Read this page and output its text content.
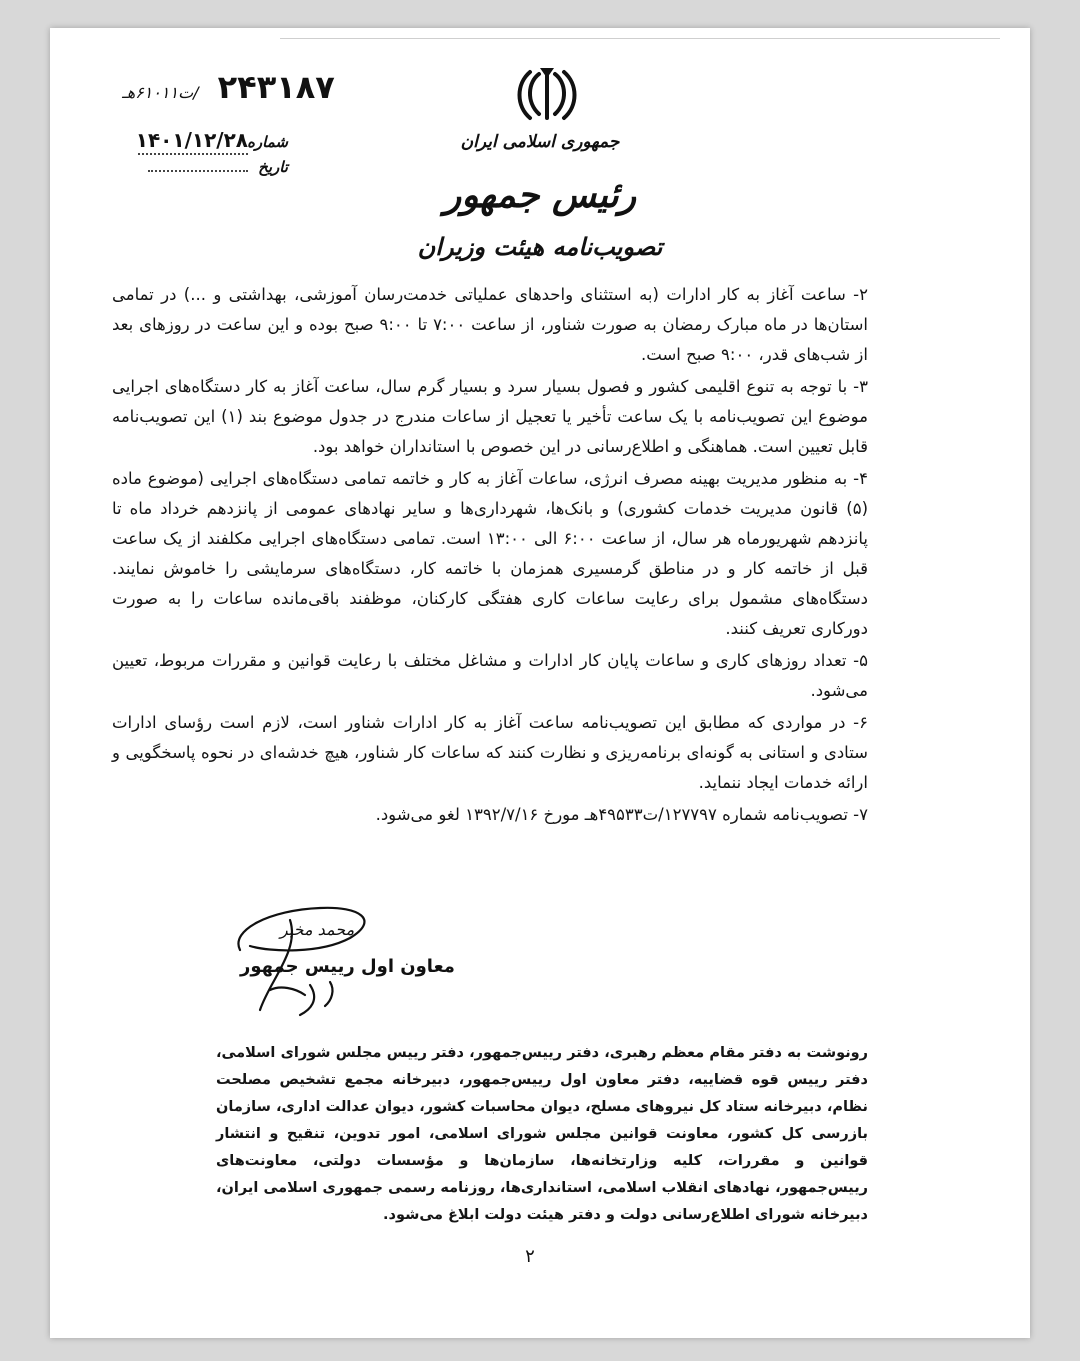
۲۴۳۱۸۷ /ت۶۱۰۱۱هـ
شماره
۱۴۰۱/۱۲/۲۸
تاریخ
جمهوری اسلامی ایران
رئیس جمهور
تصویب‌نامه هیئت وزیران

۲- ساعت آغاز به کار ادارات (به استثنای واحدهای عملیاتی خدمت‌رسان آموزشی، بهداشتی و ...) در تمامی استان‌ها در ماه مبارک رمضان به صورت شناور، از ساعت ۷:۰۰ تا ۹:۰۰ صبح بوده و این ساعت در روزهای بعد از شب‌های قدر، ۹:۰۰ صبح است.

۳- با توجه به تنوع اقلیمی کشور و فصول بسیار سرد و بسیار گرم سال، ساعت آغاز به کار دستگاه‌های اجرایی موضوع این تصویب‌نامه با یک ساعت تأخیر یا تعجیل از ساعات مندرج در جدول موضوع بند (۱) این تصویب‌نامه قابل تعیین است. هماهنگی و اطلاع‌رسانی در این خصوص با استانداران خواهد بود.

۴- به منظور مدیریت بهینه مصرف انرژی، ساعات آغاز به کار و خاتمه تمامی دستگاه‌های اجرایی (موضوع ماده (۵) قانون مدیریت خدمات کشوری) و بانک‌ها، شهرداری‌ها و سایر نهادهای عمومی از پانزدهم خرداد ماه تا پانزدهم شهریورماه هر سال، از ساعت ۶:۰۰ الی ۱۳:۰۰ است. تمامی دستگاه‌های اجرایی مکلفند از یک ساعت قبل از خاتمه کار و در مناطق گرمسیری همزمان با خاتمه کار، دستگاه‌های سرمایشی را خاموش نمایند. دستگاه‌های مشمول برای رعایت ساعات کاری هفتگی کارکنان، موظفند باقی‌مانده ساعات را به صورت دورکاری تعریف کنند.

۵- تعداد روزهای کاری و ساعات پایان کار ادارات و مشاغل مختلف با رعایت قوانین و مقررات مربوط، تعیین می‌شود.

۶- در مواردی که مطابق این تصویب‌نامه ساعت آغاز به کار ادارات شناور است، لازم است رؤسای ادارات ستادی و استانی به گونه‌ای برنامه‌ریزی و نظارت کنند که ساعات کار شناور، هیچ خدشه‌ای در نحوه پاسخگویی و ارائه خدمات ایجاد ننماید.

۷- تصویب‌نامه شماره ۱۲۷۷۹۷/ت۴۹۵۳۳هـ مورخ ۱۳۹۲/۷/۱۶ لغو می‌شود.

محمد مخبر
معاون اول رییس جمهور
رونوشت به دفتر مقام معظم رهبری، دفتر رییس‌جمهور، دفتر رییس مجلس شورای اسلامی، دفتر رییس قوه قضاییه، دفتر معاون اول رییس‌جمهور، دبیرخانه مجمع تشخیص مصلحت نظام، دبیرخانه ستاد کل نیروهای مسلح، دیوان محاسبات کشور، دیوان عدالت اداری، سازمان بازرسی کل کشور، معاونت قوانین مجلس شورای اسلامی، امور تدوین، تنقیح و انتشار قوانین و مقررات، کلیه وزارتخانه‌ها، سازمان‌ها و مؤسسات دولتی، معاونت‌های رییس‌جمهور، نهادهای انقلاب اسلامی، استانداری‌ها، روزنامه رسمی جمهوری اسلامی ایران، دبیرخانه شورای اطلاع‌رسانی دولت و دفتر هیئت دولت ابلاغ می‌شود.
۲
